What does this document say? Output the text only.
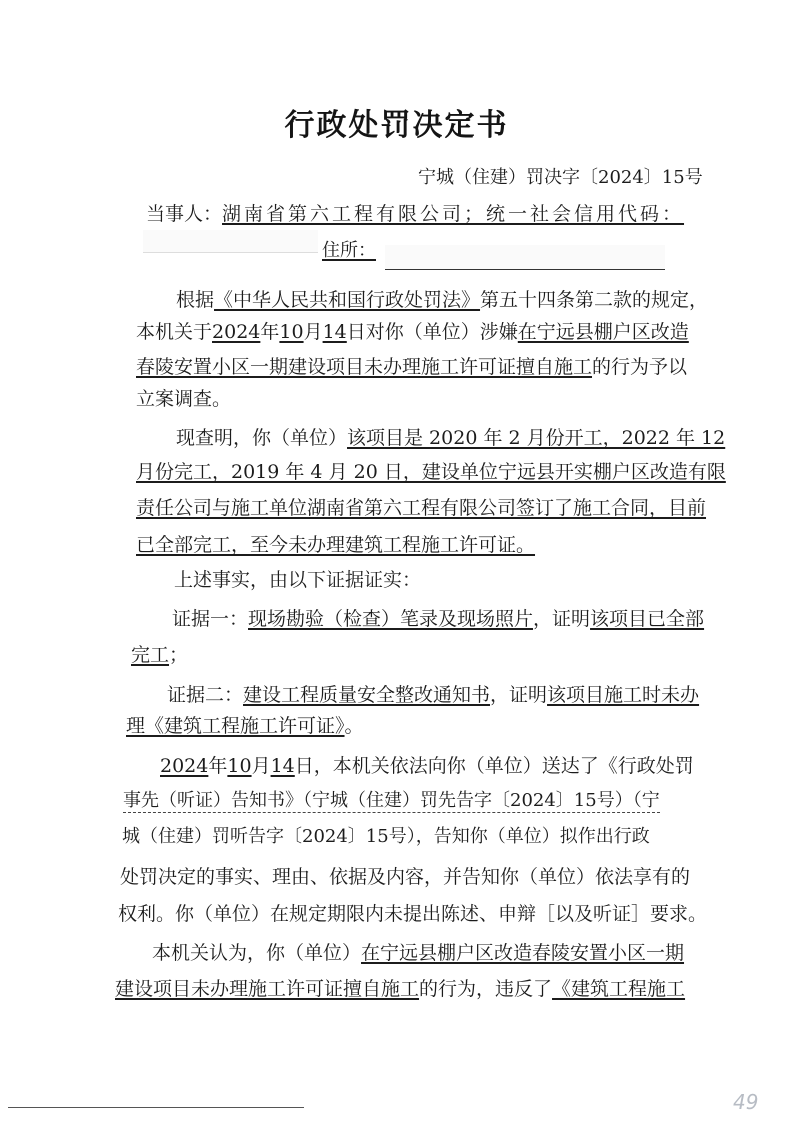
行政处罚决定书
宁城（住建）罚决字〔2024〕15号
当事人：湖南省第六工程有限公司；统一社会信用代码：
住所：
根据《中华人民共和国行政处罚法》第五十四条第二款的规定，
本机关于2024年10月14日对你（单位）涉嫌在宁远县棚户区改造
春陵安置小区一期建设项目未办理施工许可证擅自施工的行为予以
立案调查。
现查明，你（单位）该项目是 2020 年 2 月份开工，2022 年 12
月份完工，2019 年 4 月 20 日，建设单位宁远县开实棚户区改造有限
责任公司与施工单位湖南省第六工程有限公司签订了施工合同，目前
已全部完工，至今未办理建筑工程施工许可证。
上述事实，由以下证据证实：
证据一：现场勘验（检查）笔录及现场照片，证明该项目已全部
完工；
证据二：建设工程质量安全整改通知书，证明该项目施工时未办
理《建筑工程施工许可证》。
2024年10月14日，本机关依法向你（单位）送达了《行政处罚
事先（听证）告知书》（宁城（住建）罚先告字〔2024〕15号）（宁
城（住建）罚听告字〔2024〕15号），告知你（单位）拟作出行政
处罚决定的事实、理由、依据及内容，并告知你（单位）依法享有的
权利。你（单位）在规定期限内未提出陈述、申辩［以及听证］要求。
本机关认为，你（单位）在宁远县棚户区改造春陵安置小区一期
建设项目未办理施工许可证擅自施工的行为，违反了《建筑工程施工
49
